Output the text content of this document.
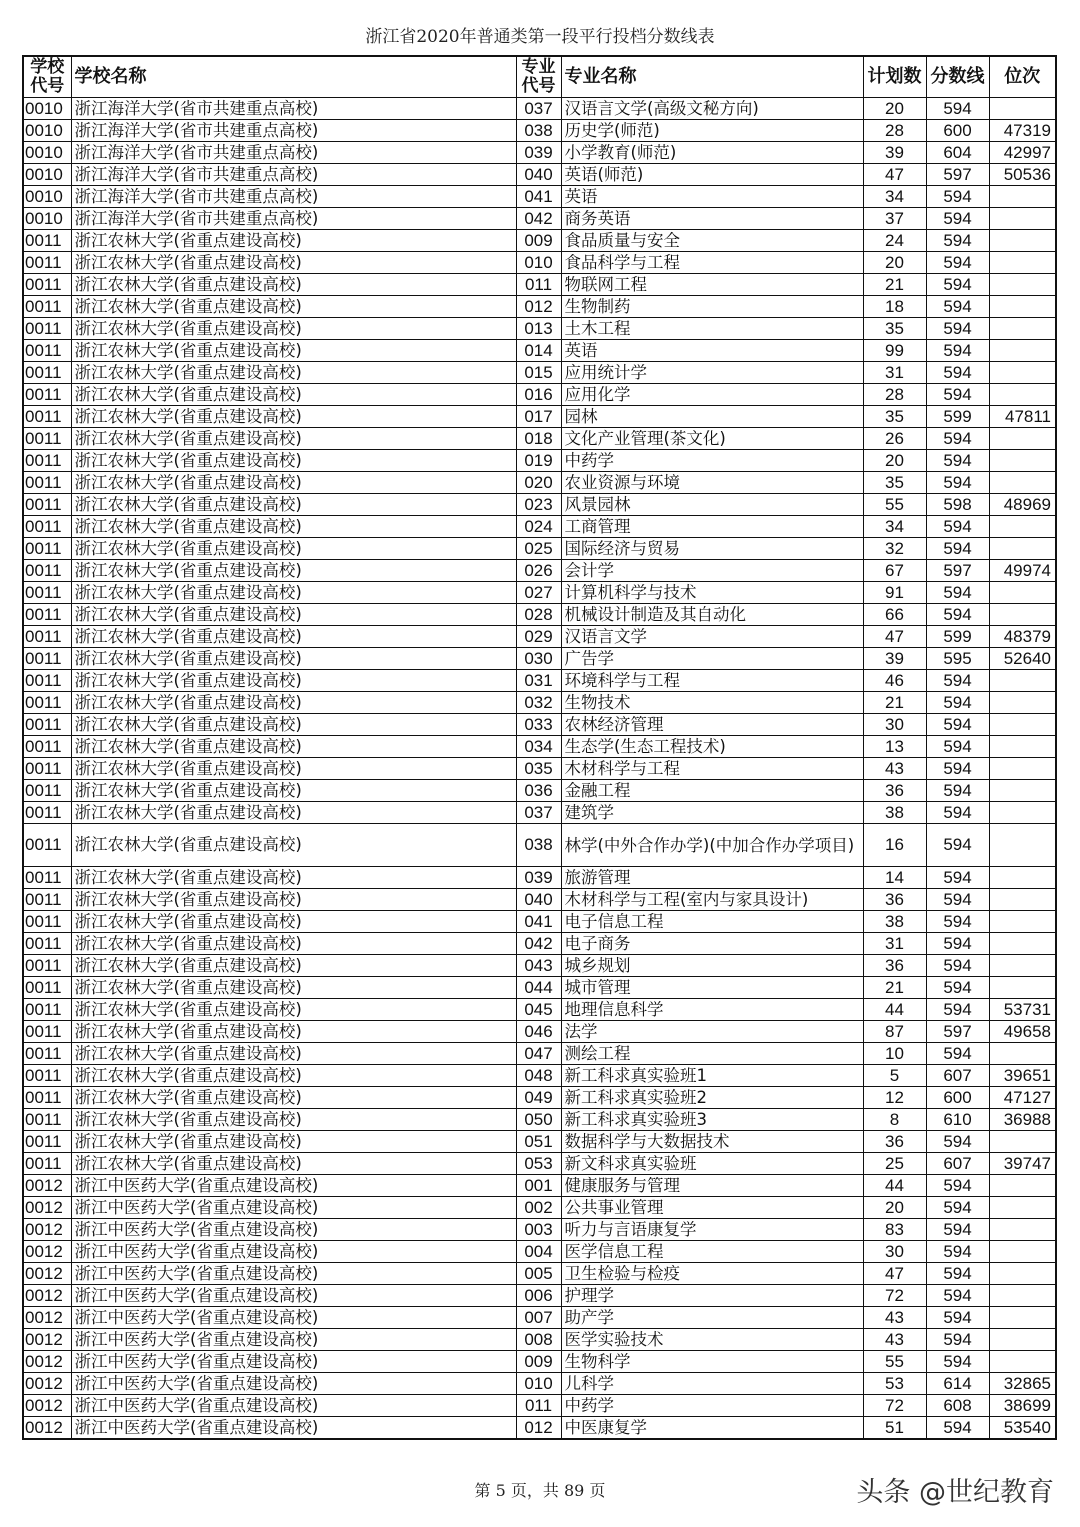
浙江省2020年普通类第一段平行投档分数线表
学校代号	学校名称	专业代号	专业名称	计划数	分数线	位次
0010	浙江海洋大学(省市共建重点高校)	037	汉语言文学(高级文秘方向)	20	594	
0010	浙江海洋大学(省市共建重点高校)	038	历史学(师范)	28	600	47319
0010	浙江海洋大学(省市共建重点高校)	039	小学教育(师范)	39	604	42997
0010	浙江海洋大学(省市共建重点高校)	040	英语(师范)	47	597	50536
0010	浙江海洋大学(省市共建重点高校)	041	英语	34	594	
0010	浙江海洋大学(省市共建重点高校)	042	商务英语	37	594	
0011	浙江农林大学(省重点建设高校)	009	食品质量与安全	24	594	
0011	浙江农林大学(省重点建设高校)	010	食品科学与工程	20	594	
0011	浙江农林大学(省重点建设高校)	011	物联网工程	21	594	
0011	浙江农林大学(省重点建设高校)	012	生物制药	18	594	
0011	浙江农林大学(省重点建设高校)	013	土木工程	35	594	
0011	浙江农林大学(省重点建设高校)	014	英语	99	594	
0011	浙江农林大学(省重点建设高校)	015	应用统计学	31	594	
0011	浙江农林大学(省重点建设高校)	016	应用化学	28	594	
0011	浙江农林大学(省重点建设高校)	017	园林	35	599	47811
0011	浙江农林大学(省重点建设高校)	018	文化产业管理(茶文化)	26	594	
0011	浙江农林大学(省重点建设高校)	019	中药学	20	594	
0011	浙江农林大学(省重点建设高校)	020	农业资源与环境	35	594	
0011	浙江农林大学(省重点建设高校)	023	风景园林	55	598	48969
0011	浙江农林大学(省重点建设高校)	024	工商管理	34	594	
0011	浙江农林大学(省重点建设高校)	025	国际经济与贸易	32	594	
0011	浙江农林大学(省重点建设高校)	026	会计学	67	597	49974
0011	浙江农林大学(省重点建设高校)	027	计算机科学与技术	91	594	
0011	浙江农林大学(省重点建设高校)	028	机械设计制造及其自动化	66	594	
0011	浙江农林大学(省重点建设高校)	029	汉语言文学	47	599	48379
0011	浙江农林大学(省重点建设高校)	030	广告学	39	595	52640
0011	浙江农林大学(省重点建设高校)	031	环境科学与工程	46	594	
0011	浙江农林大学(省重点建设高校)	032	生物技术	21	594	
0011	浙江农林大学(省重点建设高校)	033	农林经济管理	30	594	
0011	浙江农林大学(省重点建设高校)	034	生态学(生态工程技术)	13	594	
0011	浙江农林大学(省重点建设高校)	035	木材科学与工程	43	594	
0011	浙江农林大学(省重点建设高校)	036	金融工程	36	594	
0011	浙江农林大学(省重点建设高校)	037	建筑学	38	594	
0011	浙江农林大学(省重点建设高校)	038	林学(中外合作办学)(中加合作办学项目)	16	594	
0011	浙江农林大学(省重点建设高校)	039	旅游管理	14	594	
0011	浙江农林大学(省重点建设高校)	040	木材科学与工程(室内与家具设计)	36	594	
0011	浙江农林大学(省重点建设高校)	041	电子信息工程	38	594	
0011	浙江农林大学(省重点建设高校)	042	电子商务	31	594	
0011	浙江农林大学(省重点建设高校)	043	城乡规划	36	594	
0011	浙江农林大学(省重点建设高校)	044	城市管理	21	594	
0011	浙江农林大学(省重点建设高校)	045	地理信息科学	44	594	53731
0011	浙江农林大学(省重点建设高校)	046	法学	87	597	49658
0011	浙江农林大学(省重点建设高校)	047	测绘工程	10	594	
0011	浙江农林大学(省重点建设高校)	048	新工科求真实验班1	5	607	39651
0011	浙江农林大学(省重点建设高校)	049	新工科求真实验班2	12	600	47127
0011	浙江农林大学(省重点建设高校)	050	新工科求真实验班3	8	610	36988
0011	浙江农林大学(省重点建设高校)	051	数据科学与大数据技术	36	594	
0011	浙江农林大学(省重点建设高校)	053	新文科求真实验班	25	607	39747
0012	浙江中医药大学(省重点建设高校)	001	健康服务与管理	44	594	
0012	浙江中医药大学(省重点建设高校)	002	公共事业管理	20	594	
0012	浙江中医药大学(省重点建设高校)	003	听力与言语康复学	83	594	
0012	浙江中医药大学(省重点建设高校)	004	医学信息工程	30	594	
0012	浙江中医药大学(省重点建设高校)	005	卫生检验与检疫	47	594	
0012	浙江中医药大学(省重点建设高校)	006	护理学	72	594	
0012	浙江中医药大学(省重点建设高校)	007	助产学	43	594	
0012	浙江中医药大学(省重点建设高校)	008	医学实验技术	43	594	
0012	浙江中医药大学(省重点建设高校)	009	生物科学	55	594	
0012	浙江中医药大学(省重点建设高校)	010	儿科学	53	614	32865
0012	浙江中医药大学(省重点建设高校)	011	中药学	72	608	38699
0012	浙江中医药大学(省重点建设高校)	012	中医康复学	51	594	53540
第 5 页，共 89 页	头条 @世纪教育
